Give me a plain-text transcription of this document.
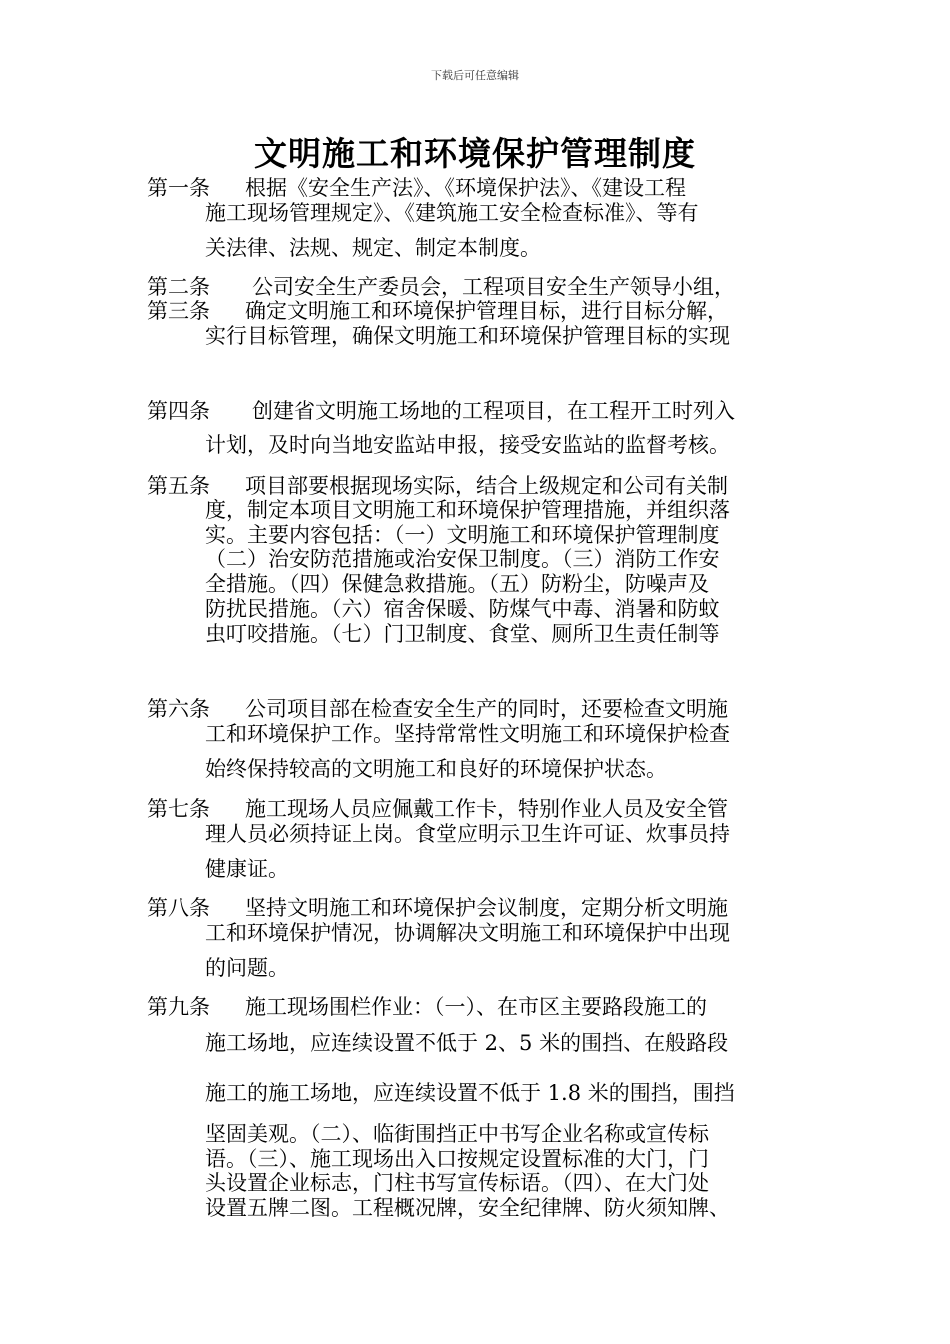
下载后可任意编辑
文明施工和环境保护管理制度
第一条 根据《安全生产法》、《环境保护法》、《建设工程
施工现场管理规定》、《建筑施工安全检查标准》、等有
关法律、法规、规定、制定本制度。
第二条 公司安全生产委员会，工程项目安全生产领导小组，
第三条 确定文明施工和环境保护管理目标，进行目标分解，
实行目标管理，确保文明施工和环境保护管理目标的实现
第四条 创建省文明施工场地的工程项目，在工程开工时列入
计划，及时向当地安监站申报，接受安监站的监督考核。
第五条 项目部要根据现场实际，结合上级规定和公司有关制
度，制定本项目文明施工和环境保护管理措施，并组织落
实。主要内容包括：（一）文明施工和环境保护管理制度
（二）治安防范措施或治安保卫制度。（三）消防工作安
全措施。（四）保健急救措施。（五）防粉尘，防噪声及
防扰民措施。（六）宿舍保暖、防煤气中毒、消暑和防蚊
虫叮咬措施。（七）门卫制度、食堂、厕所卫生责任制等
第六条 公司项目部在检查安全生产的同时，还要检查文明施
工和环境保护工作。坚持常常性文明施工和环境保护检查
始终保持较高的文明施工和良好的环境保护状态。
第七条 施工现场人员应佩戴工作卡，特别作业人员及安全管
理人员必须持证上岗。食堂应明示卫生许可证、炊事员持
健康证。
第八条 坚持文明施工和环境保护会议制度，定期分析文明施
工和环境保护情况，协调解决文明施工和环境保护中出现
的问题。
第九条 施工现场围栏作业：（一）、在市区主要路段施工的
施工场地，应连续设置不低于 2、5 米的围挡、在般路段
施工的施工场地，应连续设置不低于 1.8 米的围挡，围挡
坚固美观。（二）、临街围挡正中书写企业名称或宣传标
语。（三）、施工现场出入口按规定设置标准的大门，门
头设置企业标志，门柱书写宣传标语。（四）、在大门处
设置五牌二图。工程概况牌，安全纪律牌、防火须知牌、
